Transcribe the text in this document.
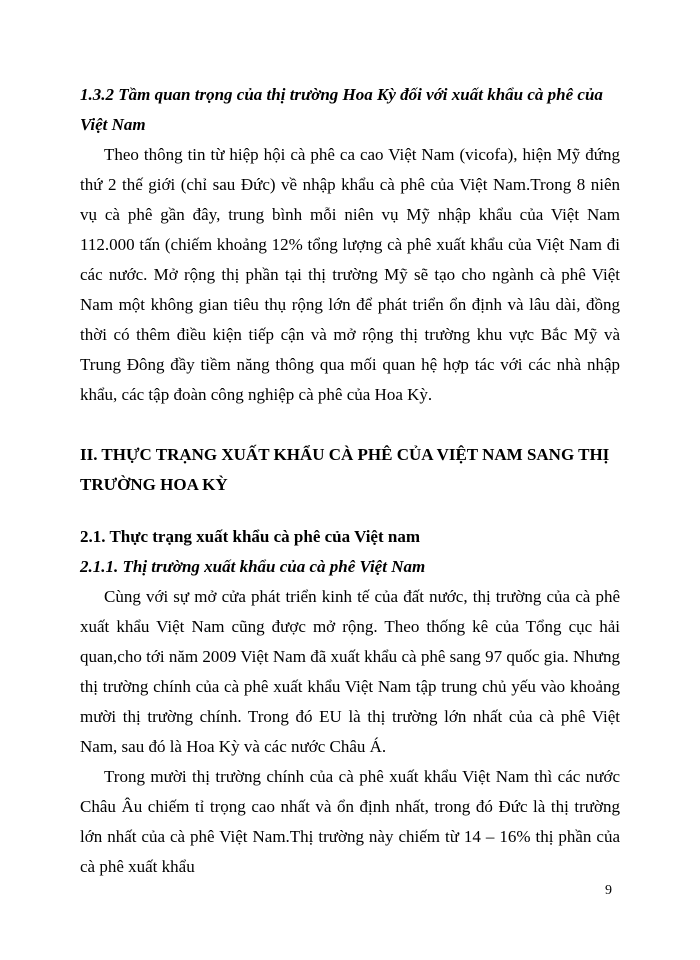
1.3.2 Tầm quan trọng của thị trường Hoa Kỳ đối với xuất khẩu cà phê của Việt Nam

Theo thông tin từ hiệp hội cà phê ca cao Việt Nam (vicofa), hiện Mỹ đứng thứ 2 thế giới (chỉ sau Đức) về nhập khẩu cà phê của Việt Nam.Trong 8 niên vụ cà phê gần đây, trung bình mỗi niên vụ Mỹ nhập khẩu của Việt Nam 112.000 tấn (chiếm khoảng 12% tổng lượng cà phê xuất khẩu của Việt Nam đi các nước. Mở rộng thị phần tại thị trường Mỹ sẽ tạo cho ngành cà phê Việt Nam một không gian tiêu thụ rộng lớn để phát triển ổn định và lâu dài, đồng thời có thêm điều kiện tiếp cận và mở rộng thị trường khu vực Bắc Mỹ và Trung Đông đầy tiềm năng thông qua mối quan hệ hợp tác với các nhà nhập khẩu, các tập đoàn công nghiệp cà phê của Hoa Kỳ.

II. THỰC TRẠNG XUẤT KHẨU CÀ PHÊ CỦA VIỆT NAM SANG THỊ TRƯỜNG HOA KỲ
2.1. Thực trạng xuất khẩu cà phê của Việt nam
2.1.1. Thị trường xuất khẩu của cà phê Việt Nam

Cùng với sự mở cửa phát triển kinh tế của đất nước, thị trường của cà phê xuất khẩu Việt Nam cũng được mở rộng. Theo thống kê của Tổng cục hải quan,cho tới năm 2009 Việt Nam đã xuất khẩu cà phê sang 97 quốc gia. Nhưng thị trường chính của cà phê xuất khẩu Việt Nam tập trung chủ yếu vào khoảng mười thị trường chính. Trong đó EU là thị trường lớn nhất của cà phê Việt Nam, sau đó là Hoa Kỳ và các nước Châu Á.

Trong mười thị trường chính của cà phê xuất khẩu Việt Nam thì các nước Châu Âu chiếm tỉ trọng cao nhất và ổn định nhất, trong đó Đức là thị trường lớn nhất của cà phê Việt Nam.Thị trường này chiếm từ 14 – 16% thị phần của cà phê xuất khẩu

9
